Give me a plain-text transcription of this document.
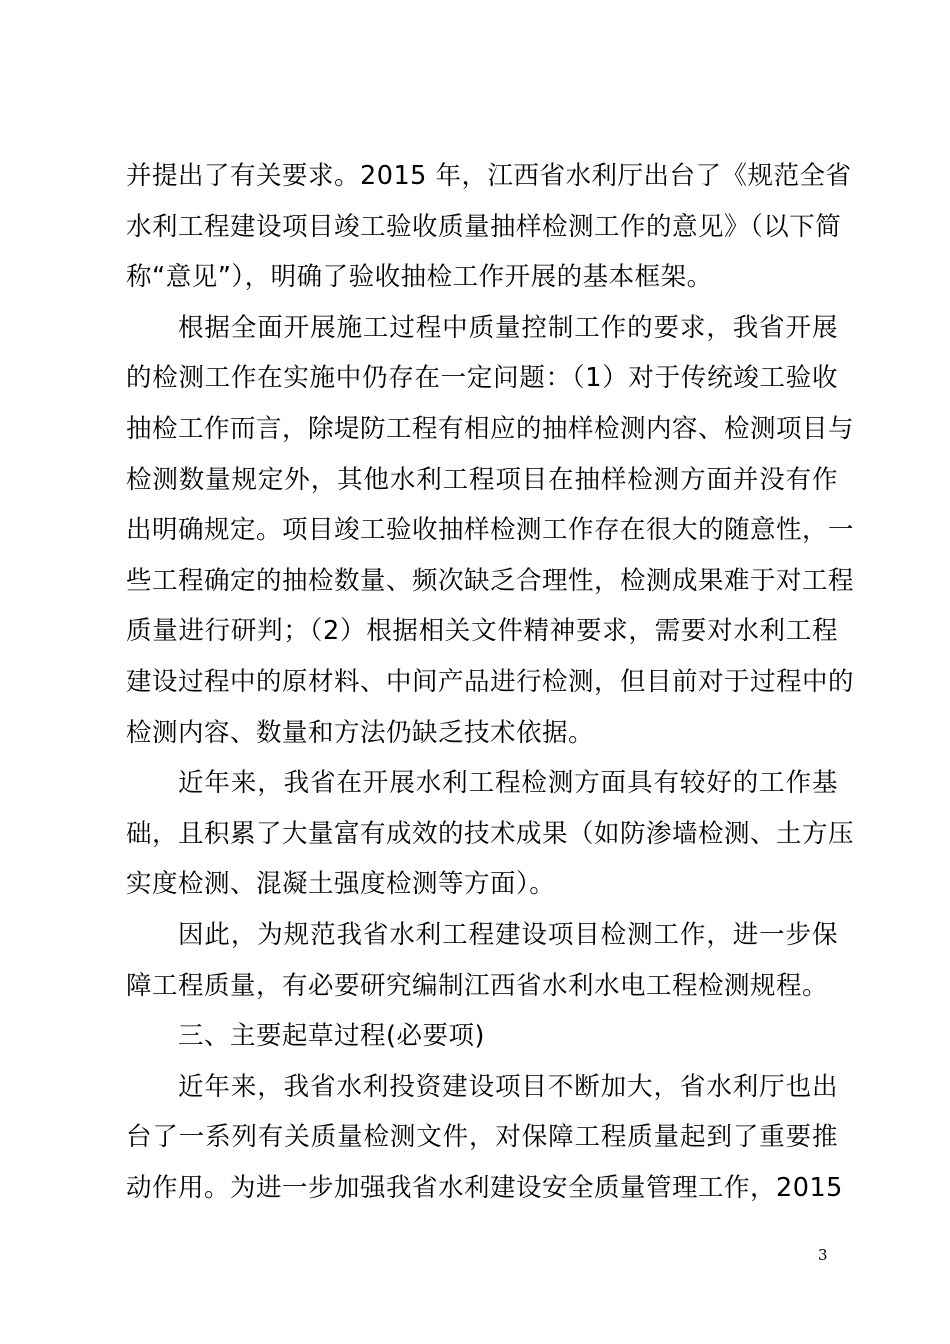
并提出了有关要求。2015 年，江西省水利厅出台了《规范全省
水利工程建设项目竣工验收质量抽样检测工作的意见》（以下简
称“意见”），明确了验收抽检工作开展的基本框架。
根据全面开展施工过程中质量控制工作的要求，我省开展
的检测工作在实施中仍存在一定问题：（1）对于传统竣工验收
抽检工作而言，除堤防工程有相应的抽样检测内容、检测项目与
检测数量规定外，其他水利工程项目在抽样检测方面并没有作
出明确规定。项目竣工验收抽样检测工作存在很大的随意性，一
些工程确定的抽检数量、频次缺乏合理性，检测成果难于对工程
质量进行研判；（2）根据相关文件精神要求，需要对水利工程
建设过程中的原材料、中间产品进行检测，但目前对于过程中的
检测内容、数量和方法仍缺乏技术依据。
近年来，我省在开展水利工程检测方面具有较好的工作基
础，且积累了大量富有成效的技术成果（如防渗墙检测、土方压
实度检测、混凝土强度检测等方面）。
因此，为规范我省水利工程建设项目检测工作，进一步保
障工程质量，有必要研究编制江西省水利水电工程检测规程。
三、主要起草过程(必要项)
近年来，我省水利投资建设项目不断加大，省水利厅也出
台了一系列有关质量检测文件，对保障工程质量起到了重要推
动作用。为进一步加强我省水利建设安全质量管理工作，2015
3
